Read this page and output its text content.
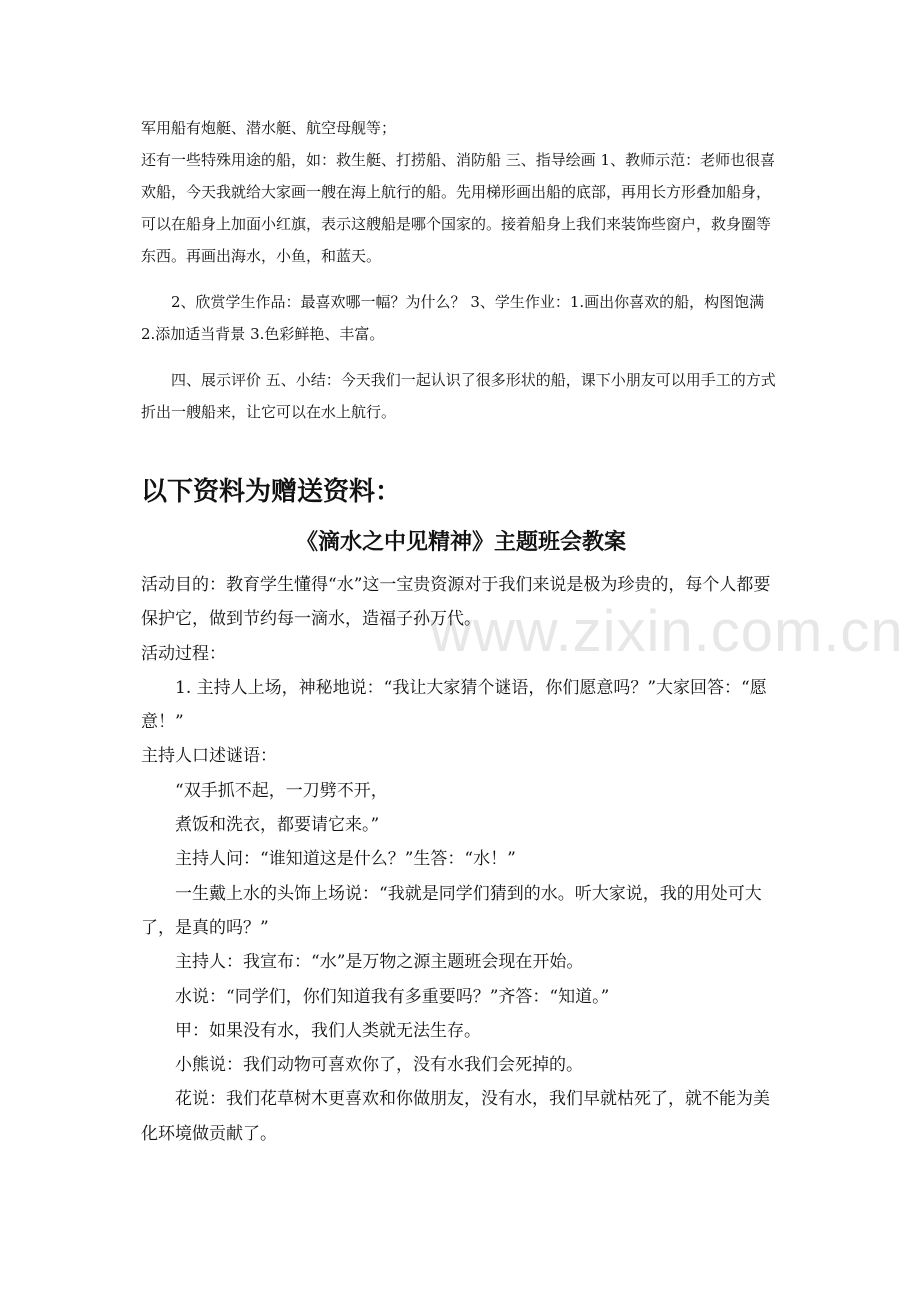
www.zixin.com.cn

军用船有炮艇、潜水艇、航空母舰等；

还有一些特殊用途的船，如：救生艇、打捞船、消防船 三、指导绘画 1、教师示范：老师也很喜欢船，今天我就给大家画一艘在海上航行的船。先用梯形画出船的底部，再用长方形叠加船身，可以在船身上加面小红旗，表示这艘船是哪个国家的。接着船身上我们来装饰些窗户，救身圈等东西。再画出海水，小鱼，和蓝天。

2、欣赏学生作品：最喜欢哪一幅？为什么？ 3、学生作业：1.画出你喜欢的船，构图饱满 2.添加适当背景 3.色彩鲜艳、丰富。

四、展示评价 五、小结：今天我们一起认识了很多形状的船，课下小朋友可以用手工的方式折出一艘船来，让它可以在水上航行。

以下资料为赠送资料：
《滴水之中见精神》主题班会教案

活动目的：教育学生懂得“水”这一宝贵资源对于我们来说是极为珍贵的，每个人都要保护它，做到节约每一滴水，造福子孙万代。

活动过程：

1. 主持人上场，神秘地说：“我让大家猜个谜语，你们愿意吗？”大家回答：“愿意！”

主持人口述谜语：

“双手抓不起，一刀劈不开，

煮饭和洗衣，都要请它来。”

主持人问：“谁知道这是什么？”生答：“水！”

一生戴上水的头饰上场说：“我就是同学们猜到的水。听大家说，我的用处可大了，是真的吗？”

主持人：我宣布：“水”是万物之源主题班会现在开始。

水说：“同学们，你们知道我有多重要吗？”齐答：“知道。”

甲：如果没有水，我们人类就无法生存。

小熊说：我们动物可喜欢你了，没有水我们会死掉的。

花说：我们花草树木更喜欢和你做朋友，没有水，我们早就枯死了，就不能为美化环境做贡献了。
